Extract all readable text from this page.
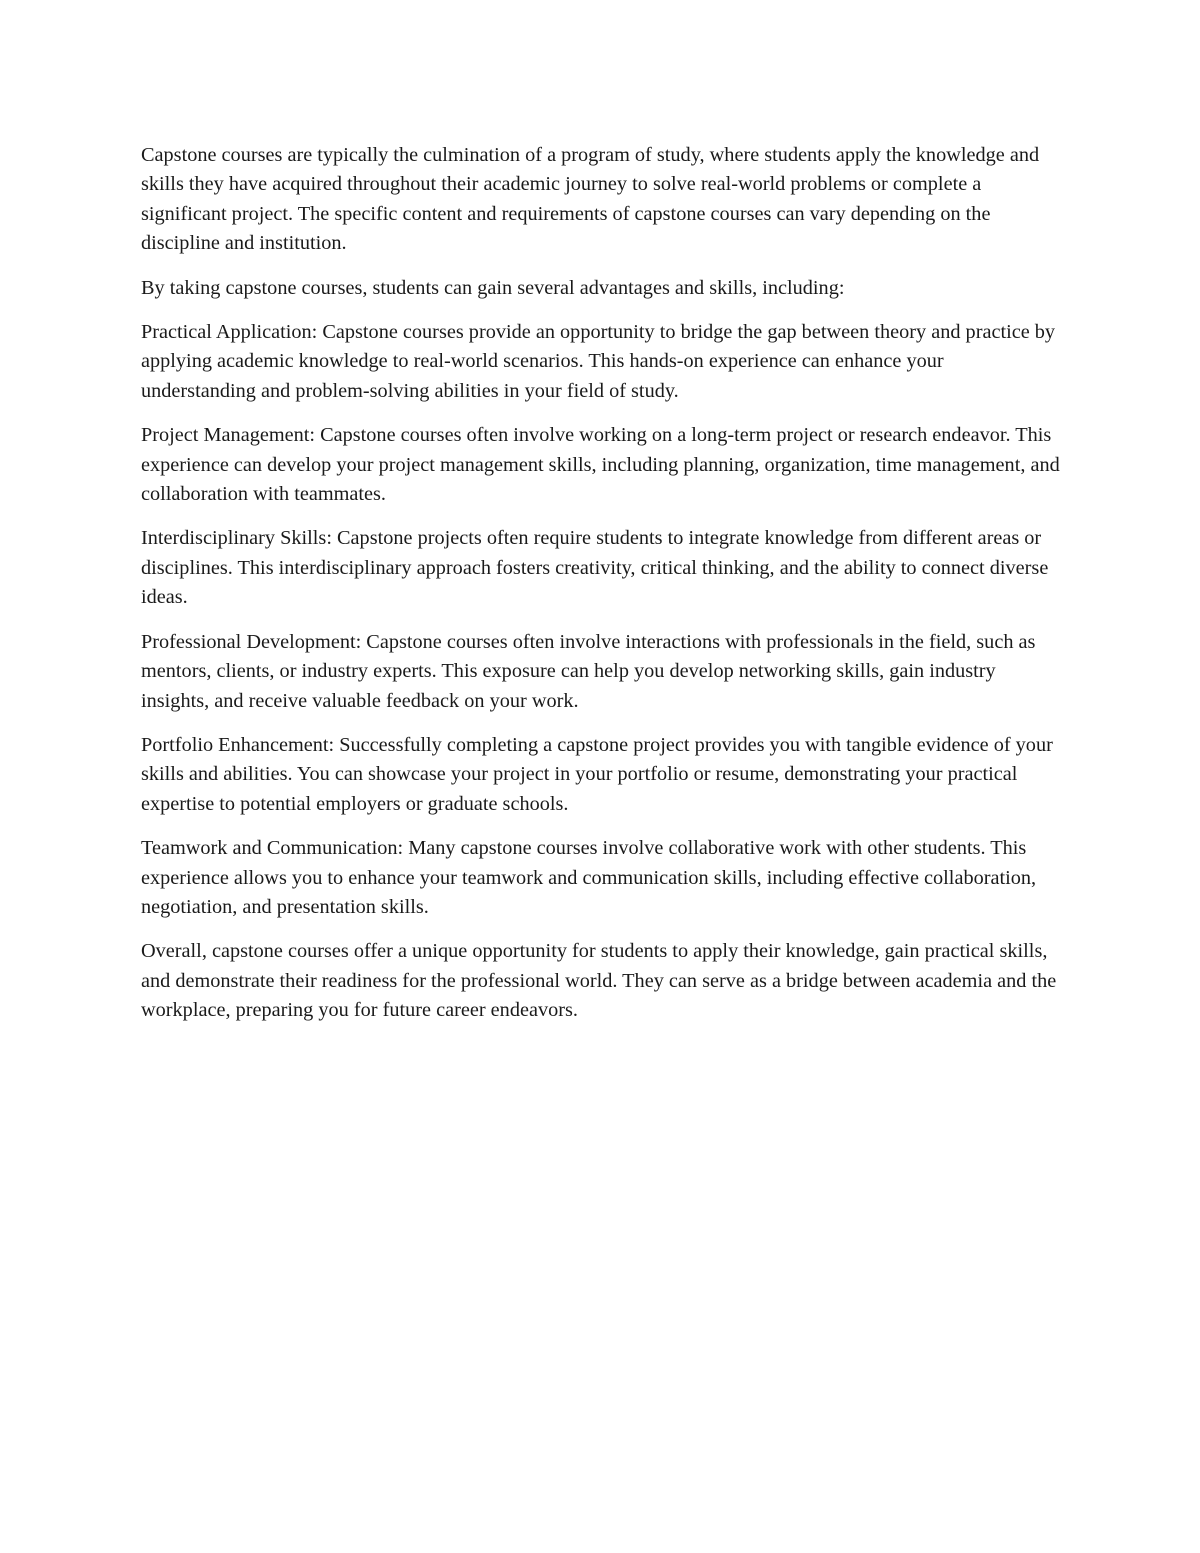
Capstone courses are typically the culmination of a program of study, where students apply the knowledge and skills they have acquired throughout their academic journey to solve real-world problems or complete a significant project. The specific content and requirements of capstone courses can vary depending on the discipline and institution.

By taking capstone courses, students can gain several advantages and skills, including:

Practical Application: Capstone courses provide an opportunity to bridge the gap between theory and practice by applying academic knowledge to real-world scenarios. This hands-on experience can enhance your understanding and problem-solving abilities in your field of study.

Project Management: Capstone courses often involve working on a long-term project or research endeavor. This experience can develop your project management skills, including planning, organization, time management, and collaboration with teammates.

Interdisciplinary Skills: Capstone projects often require students to integrate knowledge from different areas or disciplines. This interdisciplinary approach fosters creativity, critical thinking, and the ability to connect diverse ideas.

Professional Development: Capstone courses often involve interactions with professionals in the field, such as mentors, clients, or industry experts. This exposure can help you develop networking skills, gain industry insights, and receive valuable feedback on your work.

Portfolio Enhancement: Successfully completing a capstone project provides you with tangible evidence of your skills and abilities. You can showcase your project in your portfolio or resume, demonstrating your practical expertise to potential employers or graduate schools.

Teamwork and Communication: Many capstone courses involve collaborative work with other students. This experience allows you to enhance your teamwork and communication skills, including effective collaboration, negotiation, and presentation skills.

Overall, capstone courses offer a unique opportunity for students to apply their knowledge, gain practical skills, and demonstrate their readiness for the professional world. They can serve as a bridge between academia and the workplace, preparing you for future career endeavors.
